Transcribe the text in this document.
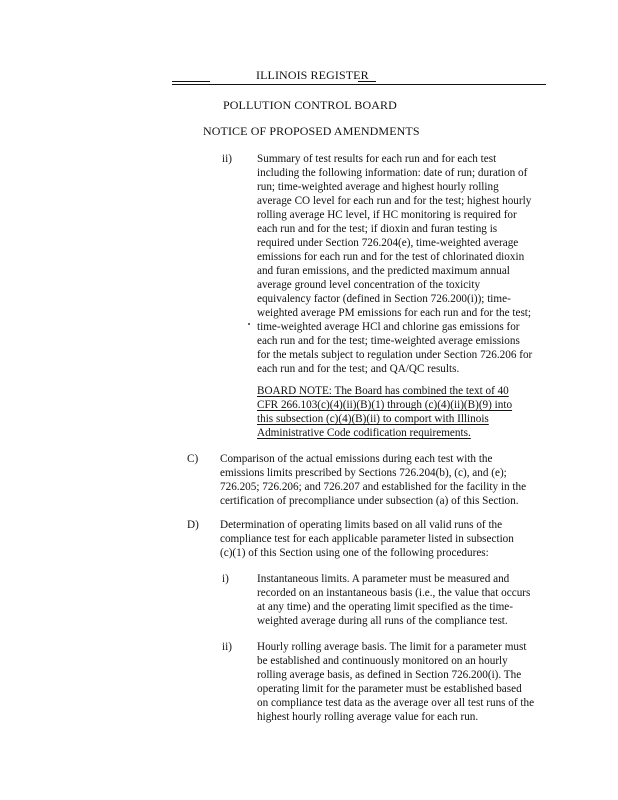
ILLINOIS REGISTER
POLLUTION CONTROL BOARD
NOTICE OF PROPOSED AMENDMENTS
ii) Summary of test results for each run and for each test
including the following information: date of run; duration of
run; time-weighted average and highest hourly rolling
average CO level for each run and for the test; highest hourly
rolling average HC level, if HC monitoring is required for
each run and for the test; if dioxin and furan testing is
required under Section 726.204(e), time-weighted average
emissions for each run and for the test of chlorinated dioxin
and furan emissions, and the predicted maximum annual
average ground level concentration of the toxicity
equivalency factor (defined in Section 726.200(i)); time-
weighted average PM emissions for each run and for the test;
time-weighted average HCl and chlorine gas emissions for
each run and for the test; time-weighted average emissions
for the metals subject to regulation under Section 726.206 for
each run and for the test; and QA/QC results.
BOARD NOTE: The Board has combined the text of 40
CFR 266.103(c)(4)(ii)(B)(1) through (c)(4)(ii)(B)(9) into
this subsection (c)(4)(B)(ii) to comport with Illinois
Administrative Code codification requirements.
C) Comparison of the actual emissions during each test with the
emissions limits prescribed by Sections 726.204(b), (c), and (e);
726.205; 726.206; and 726.207 and established for the facility in the
certification of precompliance under subsection (a) of this Section.
D) Determination of operating limits based on all valid runs of the
compliance test for each applicable parameter listed in subsection
(c)(1) of this Section using one of the following procedures:
i)	Instantaneous limits. A parameter must be measured and
recorded on an instantaneous basis (i.e., the value that occurs
at any time) and the operating limit specified as the time-
weighted average during all runs of the compliance test.
ii) Hourly rolling average basis. The limit for a parameter must
be established and continuously monitored on an hourly
rolling average basis, as defined in Section 726.200(i). The
operating limit for the parameter must be established based
on compliance test data as the average over all test runs of the
highest hourly rolling average value for each run.
